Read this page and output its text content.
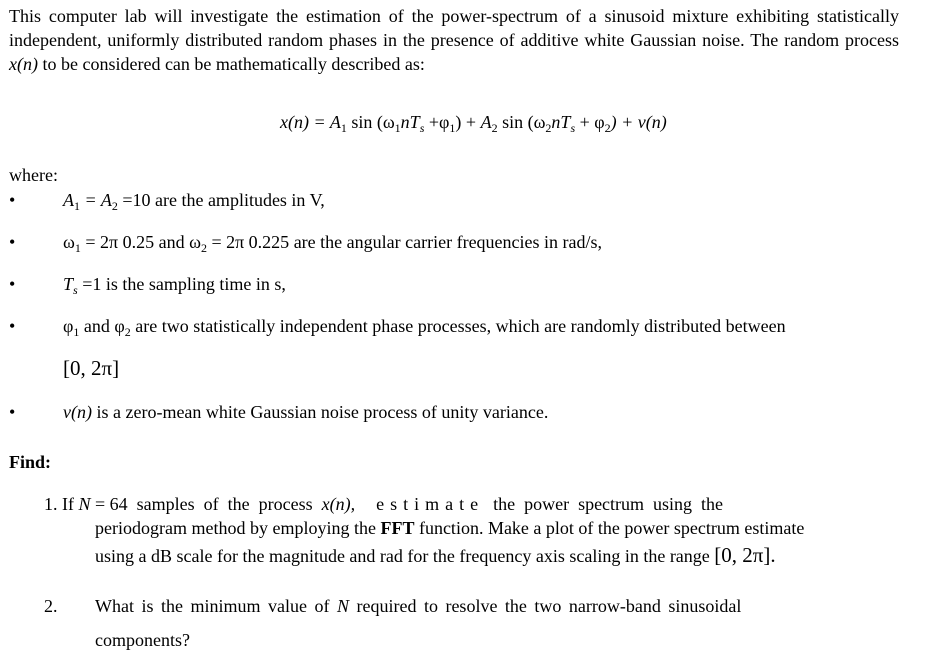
This computer lab will investigate the estimation of the power-spectrum of a sinusoid mixture exhibiting statistically independent, uniformly distributed random phases in the presence of additive white Gaussian noise. The random process x(n) to be considered can be mathematically described as:

$x(n) = A_1$ $\sin (\omega_1nT_s +\varphi_1) + A_2$ $\sin (\omega_2nT_s + \varphi_2) + v(n)$
where:
•	$A_1 = A_2 =10$ are the amplitudes in V,
•	$\omega_1 = 2\pi$ 0.25 and $\omega_2 = 2\pi$ 0.225 are the angular carrier frequencies in rad/s,
•	$T_s =1$ is the sampling time in s,
•	$\varphi_1$ and $\varphi_2$ are two statistically independent phase processes, which are randomly distributed between
[0, 2π]
•	v(n) is a zero-mean white Gaussian noise process of unity variance.
Find:
1. If N = 64  samples  of  the  process  x(n),  estimate  the  power  spectrum  using  the
periodogram method by employing the FFT function. Make a plot of the power spectrum estimate
using a dB scale for the magnitude and rad for the frequency axis scaling in the range [0, 2π].
2. What is the minimum value of N required to resolve the two narrow-band sinusoidal
components?
